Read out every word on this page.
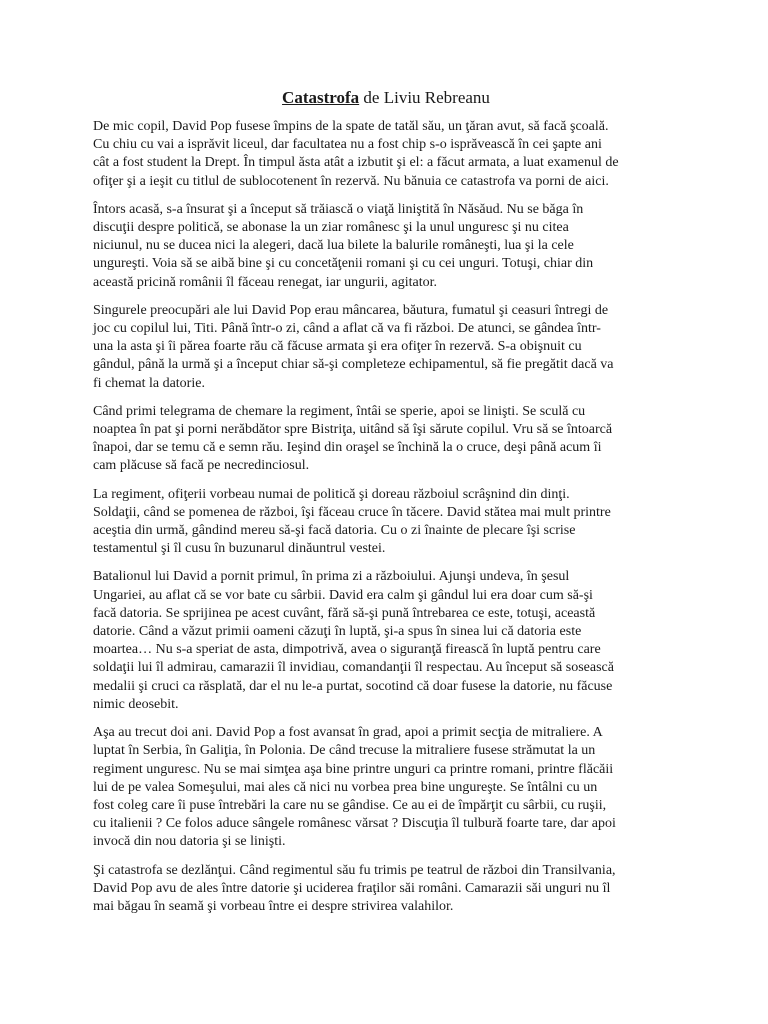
Catastrofa de Liviu Rebreanu

De mic copil, David Pop fusese împins de la spate de tatăl său, un ţăran avut, să facă şcoală.
Cu chiu cu vai a isprăvit liceul, dar facultatea nu a fost chip s-o isprăvească în cei şapte ani
cât a fost student la Drept. În timpul ăsta atât a izbutit şi el: a făcut armata, a luat examenul de
ofiţer şi a ieşit cu titlul de sublocotenent în rezervă. Nu bănuia ce catastrofa va porni de aici.

Întors acasă, s-a însurat şi a început să trăiască o viaţă liniştită în Năsăud. Nu se băga în
discuţii despre politică, se abonase la un ziar românesc şi la unul unguresc şi nu citea
niciunul, nu se ducea nici la alegeri, dacă lua bilete la balurile româneşti, lua şi la cele
ungureşti. Voia să se aibă bine şi cu concetăţenii romani şi cu cei unguri. Totuşi, chiar din
această pricină românii îl făceau renegat, iar ungurii, agitator.

Singurele preocupări ale lui David Pop erau mâncarea, băutura, fumatul şi ceasuri întregi de
joc cu copilul lui, Titi. Până într-o zi, când a aflat că va fi război. De atunci, se gândea într-
una la asta şi îi părea foarte rău că făcuse armata şi era ofiţer în rezervă. S-a obişnuit cu
gândul, până la urmă şi a început chiar să-şi completeze echipamentul, să fie pregătit dacă va
fi chemat la datorie.

Când primi telegrama de chemare la regiment, întâi se sperie, apoi se linişti. Se sculă cu
noaptea în pat şi porni nerăbdător spre Bistriţa, uitând să îşi sărute copilul. Vru să se întoarcă
înapoi, dar se temu că e semn rău. Ieşind din oraşel se închină la o cruce, deşi până acum îi
cam plăcuse să facă pe necredinciosul.

La regiment, ofiţerii vorbeau numai de politică şi doreau războiul scrâşnind din dinţi.
Soldaţii, când se pomenea de război, îşi făceau cruce în tăcere. David stătea mai mult printre
aceştia din urmă, gândind mereu să-şi facă datoria. Cu o zi înainte de plecare îşi scrise
testamentul şi îl cusu în buzunarul dinăuntrul vestei.

Batalionul lui David a pornit primul, în prima zi a războiului. Ajunşi undeva, în şesul
Ungariei, au aflat că se vor bate cu sârbii. David era calm şi gândul lui era doar cum să-şi
facă datoria. Se sprijinea pe acest cuvânt, fără să-şi pună întrebarea ce este, totuşi, această
datorie. Când a văzut primii oameni căzuţi în luptă, şi-a spus în sinea lui că datoria este
moartea… Nu s-a speriat de asta, dimpotrivă, avea o siguranţă firească în luptă pentru care
soldaţii lui îl admirau, camarazii îl invidiau, comandanţii îl respectau. Au început să sosească
medalii şi cruci ca răsplată, dar el nu le-a purtat, socotind că doar fusese la datorie, nu făcuse
nimic deosebit.

Aşa au trecut doi ani. David Pop a fost avansat în grad, apoi a primit secţia de mitraliere. A
luptat în Serbia, în Galiţia, în Polonia. De când trecuse la mitraliere fusese strămutat la un
regiment unguresc. Nu se mai simţea aşa bine printre unguri ca printre romani, printre flăcăii
lui de pe valea Someşului, mai ales că nici nu vorbea prea bine ungureşte. Se întâlni cu un
fost coleg care îi puse întrebări la care nu se gândise. Ce au ei de împărţit cu sârbii, cu ruşii,
cu italienii ? Ce folos aduce sângele românesc vărsat ? Discuţia îl tulbură foarte tare, dar apoi
invocă din nou datoria şi se linişti.

Şi catastrofa se dezlănţui. Când regimentul său fu trimis pe teatrul de război din Transilvania,
David Pop avu de ales între datorie şi uciderea fraţilor săi români. Camarazii săi unguri nu îl
mai băgau în seamă şi vorbeau între ei despre strivirea valahilor.
